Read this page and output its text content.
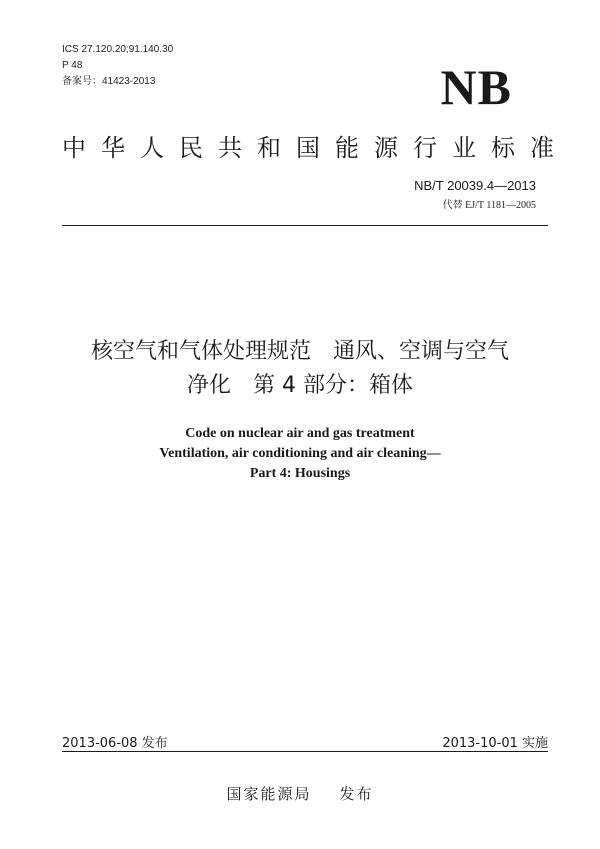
ICS 27.120.20;91.140.30
P 48
备案号：41423-2013	NB
中华人民共和国能源行业标准
NB/T 20039.4—2013
代替 EJ/T 1181—2005
核空气和气体处理规范　通风、空调与空气
净化　第 4 部分：箱体
Code on nuclear air and gas treatment
Ventilation, air conditioning and air cleaning—
Part 4: Housings
2013-06-08 发布	2013-10-01 实施
国家能源局 发布
